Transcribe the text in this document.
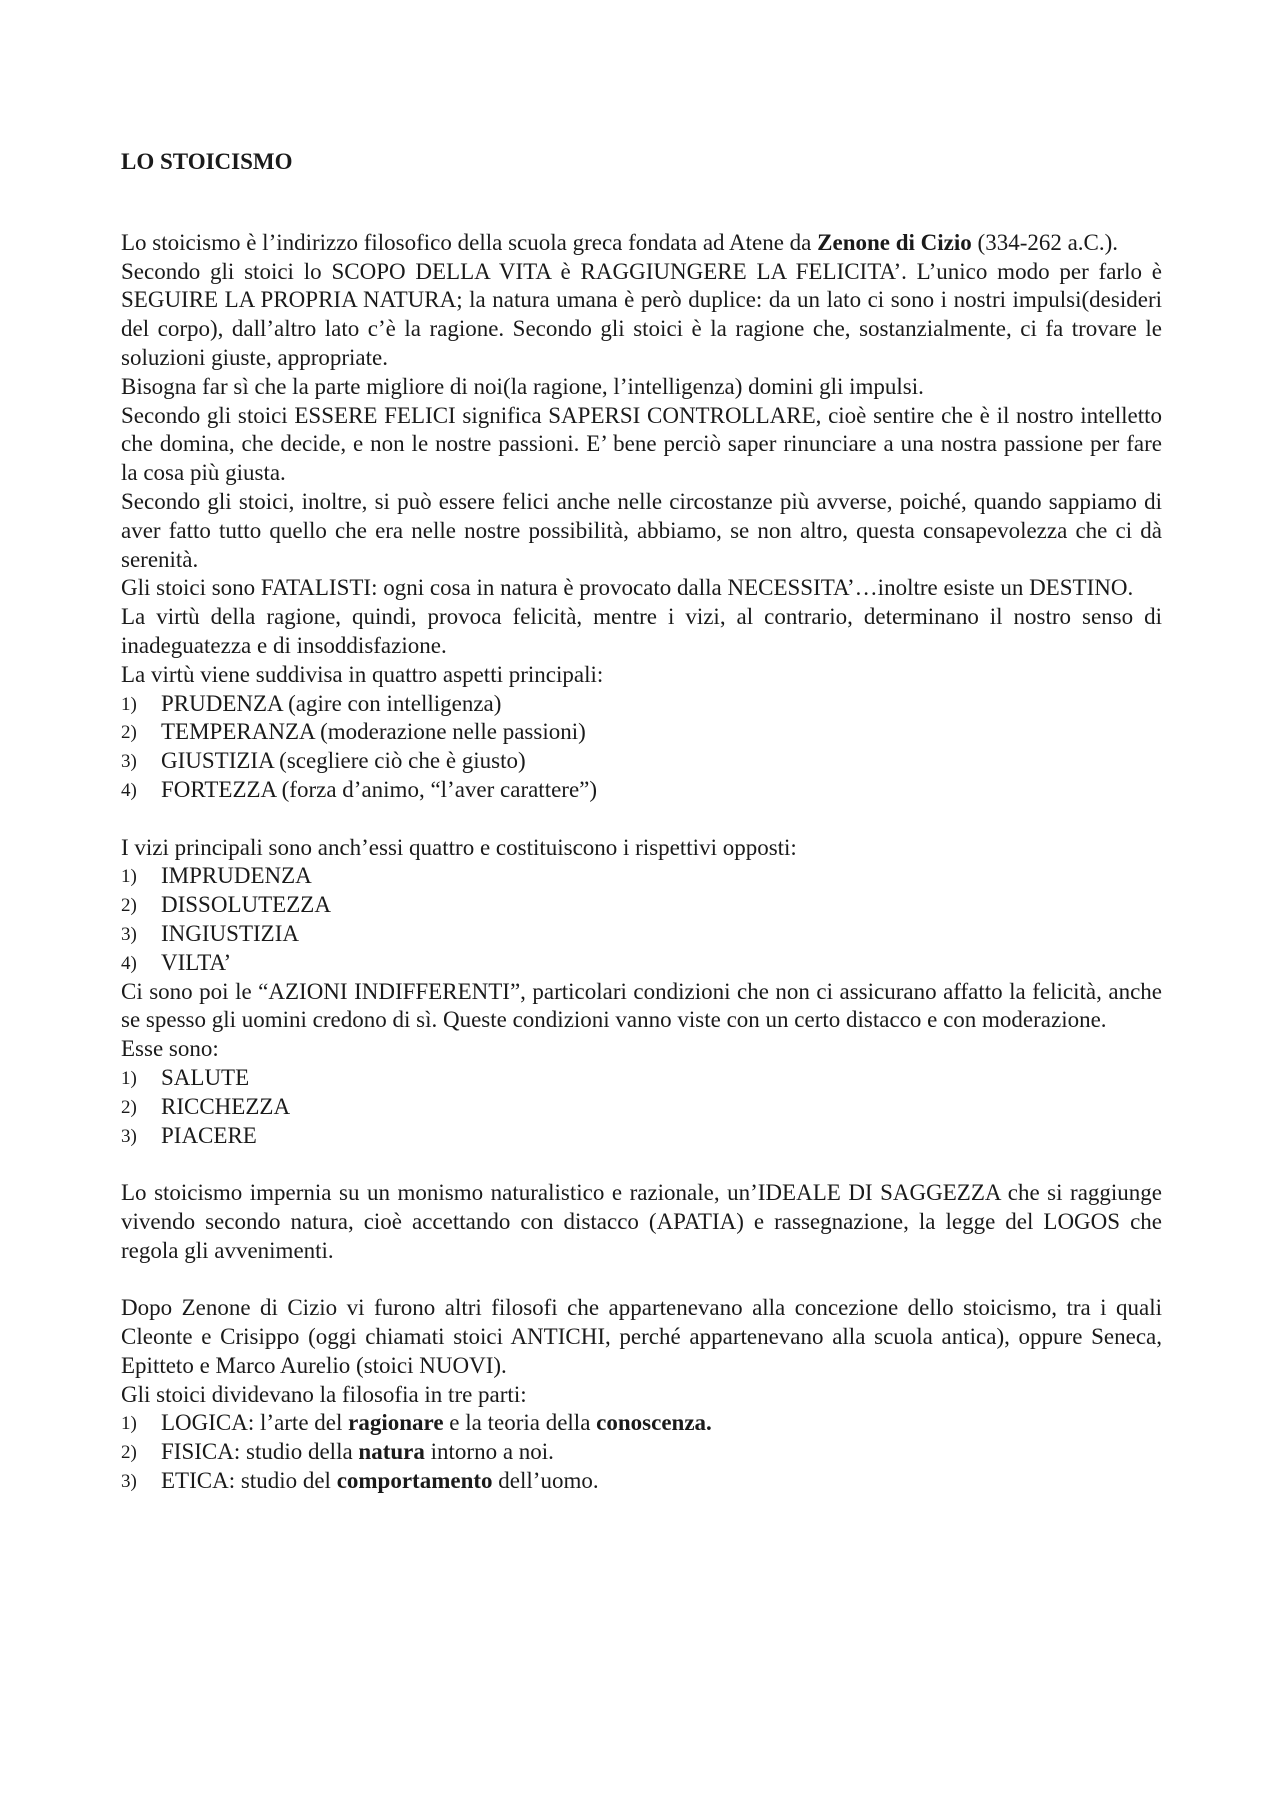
LO STOICISMO

Lo stoicismo è l’indirizzo filosofico della scuola greca fondata ad Atene da Zenone di Cizio (334-262 a.C.).

Secondo gli stoici lo SCOPO DELLA VITA è RAGGIUNGERE LA FELICITA’. L’unico modo per farlo è SEGUIRE LA PROPRIA NATURA; la natura umana è però duplice: da un lato ci sono i nostri impulsi(desideri del corpo), dall’altro lato c’è la ragione. Secondo gli stoici è la ragione che, sostanzialmente, ci fa trovare le soluzioni giuste, appropriate.

Bisogna far sì che la parte migliore di noi(la ragione, l’intelligenza) domini gli impulsi.

Secondo gli stoici ESSERE FELICI significa SAPERSI CONTROLLARE, cioè sentire che è il nostro intelletto che domina, che decide, e non le nostre passioni. E’ bene perciò saper rinunciare a una nostra passione per fare la cosa più giusta.

Secondo gli stoici, inoltre, si può essere felici anche nelle circostanze più avverse, poiché, quando sappiamo di aver fatto tutto quello che era nelle nostre possibilità, abbiamo, se non altro, questa consapevolezza che ci dà serenità.

Gli stoici sono FATALISTI: ogni cosa in natura è provocato dalla NECESSITA’…inoltre esiste un DESTINO.

La virtù della ragione, quindi, provoca felicità, mentre i vizi, al contrario, determinano il nostro senso di inadeguatezza e di insoddisfazione.

La virtù viene suddivisa in quattro aspetti principali:

1) PRUDENZA (agire con intelligenza)
2) TEMPERANZA (moderazione nelle passioni)
3) GIUSTIZIA (scegliere ciò che è giusto)
4) FORTEZZA (forza d’animo, “l’aver carattere”)

I vizi principali sono anch’essi quattro e costituiscono i rispettivi opposti:

1) IMPRUDENZA
2) DISSOLUTEZZA
3) INGIUSTIZIA
4) VILTA’

Ci sono poi le “AZIONI INDIFFERENTI”, particolari condizioni che non ci assicurano affatto la felicità, anche se spesso gli uomini credono di sì. Queste condizioni vanno viste con un certo distacco e con moderazione.

Esse sono:

1) SALUTE
2) RICCHEZZA
3) PIACERE

Lo stoicismo impernia su un monismo naturalistico e razionale, un’IDEALE DI SAGGEZZA che si raggiunge vivendo secondo natura, cioè accettando con distacco (APATIA) e rassegnazione, la legge del LOGOS che regola gli avvenimenti.

Dopo Zenone di Cizio vi furono altri filosofi che appartenevano alla concezione dello stoicismo, tra i quali Cleonte e Crisippo (oggi chiamati stoici ANTICHI, perché appartenevano alla scuola antica), oppure Seneca, Epitteto e Marco Aurelio (stoici NUOVI).

Gli stoici dividevano la filosofia in tre parti:

1) LOGICA: l’arte del ragionare e la teoria della conoscenza.
2) FISICA: studio della natura intorno a noi.
3) ETICA: studio del comportamento dell’uomo.
